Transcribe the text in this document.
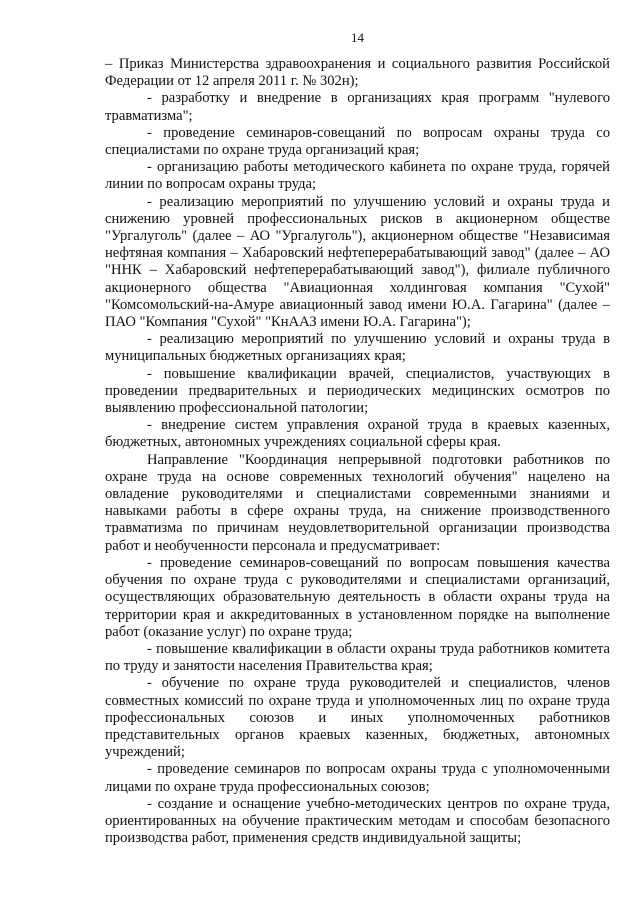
14

– Приказ Министерства здравоохранения и социального развития Российской Федерации от 12 апреля 2011 г. № 302н);

- разработку и внедрение в организациях края программ "нулевого травматизма";

- проведение семинаров-совещаний по вопросам охраны труда со специалистами по охране труда организаций края;

- организацию работы методического кабинета по охране труда, горячей линии по вопросам охраны труда;

- реализацию мероприятий по улучшению условий и охраны труда и снижению уровней профессиональных рисков в акционерном обществе "Ургалуголь" (далее – АО "Ургалуголь"), акционерном обществе "Независимая нефтяная компания – Хабаровский нефтеперерабатывающий завод" (далее – АО "ННК – Хабаровский нефтеперерабатывающий завод"), филиале публичного акционерного общества "Авиационная холдинговая компания "Сухой" "Комсомольский-на-Амуре авиационный завод имени Ю.А. Гагарина" (далее – ПАО "Компания "Сухой" "КнААЗ имени Ю.А. Гагарина");

- реализацию мероприятий по улучшению условий и охраны труда в муниципальных бюджетных организациях края;

- повышение квалификации врачей, специалистов, участвующих в проведении предварительных и периодических медицинских осмотров по выявлению профессиональной патологии;

- внедрение систем управления охраной труда в краевых казенных, бюджетных, автономных учреждениях социальной сферы края.

Направление "Координация непрерывной подготовки работников по охране труда на основе современных технологий обучения" нацелено на овладение руководителями и специалистами современными знаниями и навыками работы в сфере охраны труда, на снижение производственного травматизма по причинам неудовлетворительной организации производства работ и необученности персонала и предусматривает:

- проведение семинаров-совещаний по вопросам повышения качества обучения по охране труда с руководителями и специалистами организаций, осуществляющих образовательную деятельность в области охраны труда на территории края и аккредитованных в установленном порядке на выполнение работ (оказание услуг) по охране труда;

- повышение квалификации в области охраны труда работников комитета по труду и занятости населения Правительства края;

- обучение по охране труда руководителей и специалистов, членов совместных комиссий по охране труда и уполномоченных лиц по охране труда профессиональных союзов и иных уполномоченных работников представительных органов краевых казенных, бюджетных, автономных учреждений;

- проведение семинаров по вопросам охраны труда с уполномоченными лицами по охране труда профессиональных союзов;

- создание и оснащение учебно-методических центров по охране труда, ориентированных на обучение практическим методам и способам безопасного производства работ, применения средств индивидуальной защиты;
